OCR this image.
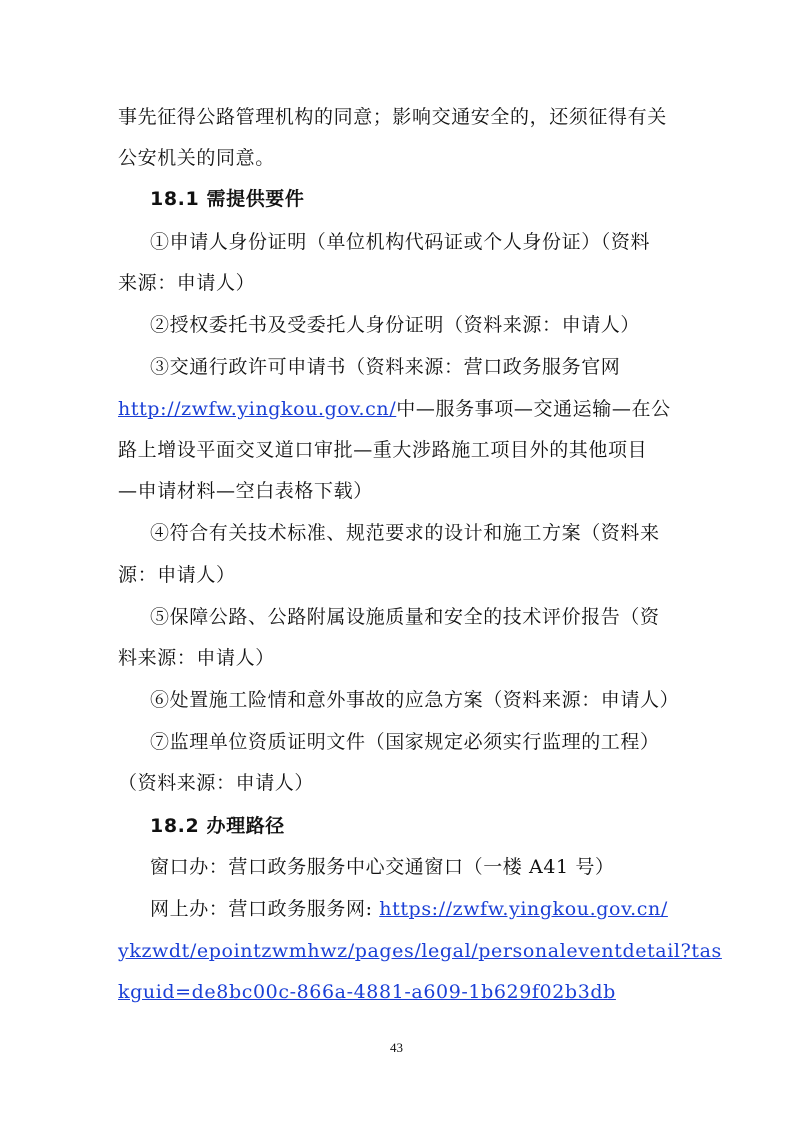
事先征得公路管理机构的同意；影响交通安全的，还须征得有关
公安机关的同意。
18.1 需提供要件
①申请人身份证明（单位机构代码证或个人身份证）（资料
来源：申请人）
②授权委托书及受委托人身份证明（资料来源：申请人）
③交通行政许可申请书（资料来源：营口政务服务官网
http://zwfw.yingkou.gov.cn/中—服务事项—交通运输—在公
路上增设平面交叉道口审批—重大涉路施工项目外的其他项目
—申请材料—空白表格下载）
④符合有关技术标准、规范要求的设计和施工方案（资料来
源：申请人）
⑤保障公路、公路附属设施质量和安全的技术评价报告（资
料来源：申请人）
⑥处置施工险情和意外事故的应急方案（资料来源：申请人）
⑦监理单位资质证明文件（国家规定必须实行监理的工程）
（资料来源：申请人）
18.2 办理路径
窗口办：营口政务服务中心交通窗口（一楼 A41 号）
网上办：营口政务服务网: https://zwfw.yingkou.gov.cn/
ykzwdt/epointzwmhwz/pages/legal/personaleventdetail?tas
kguid=de8bc00c-866a-4881-a609-1b629f02b3db
43
